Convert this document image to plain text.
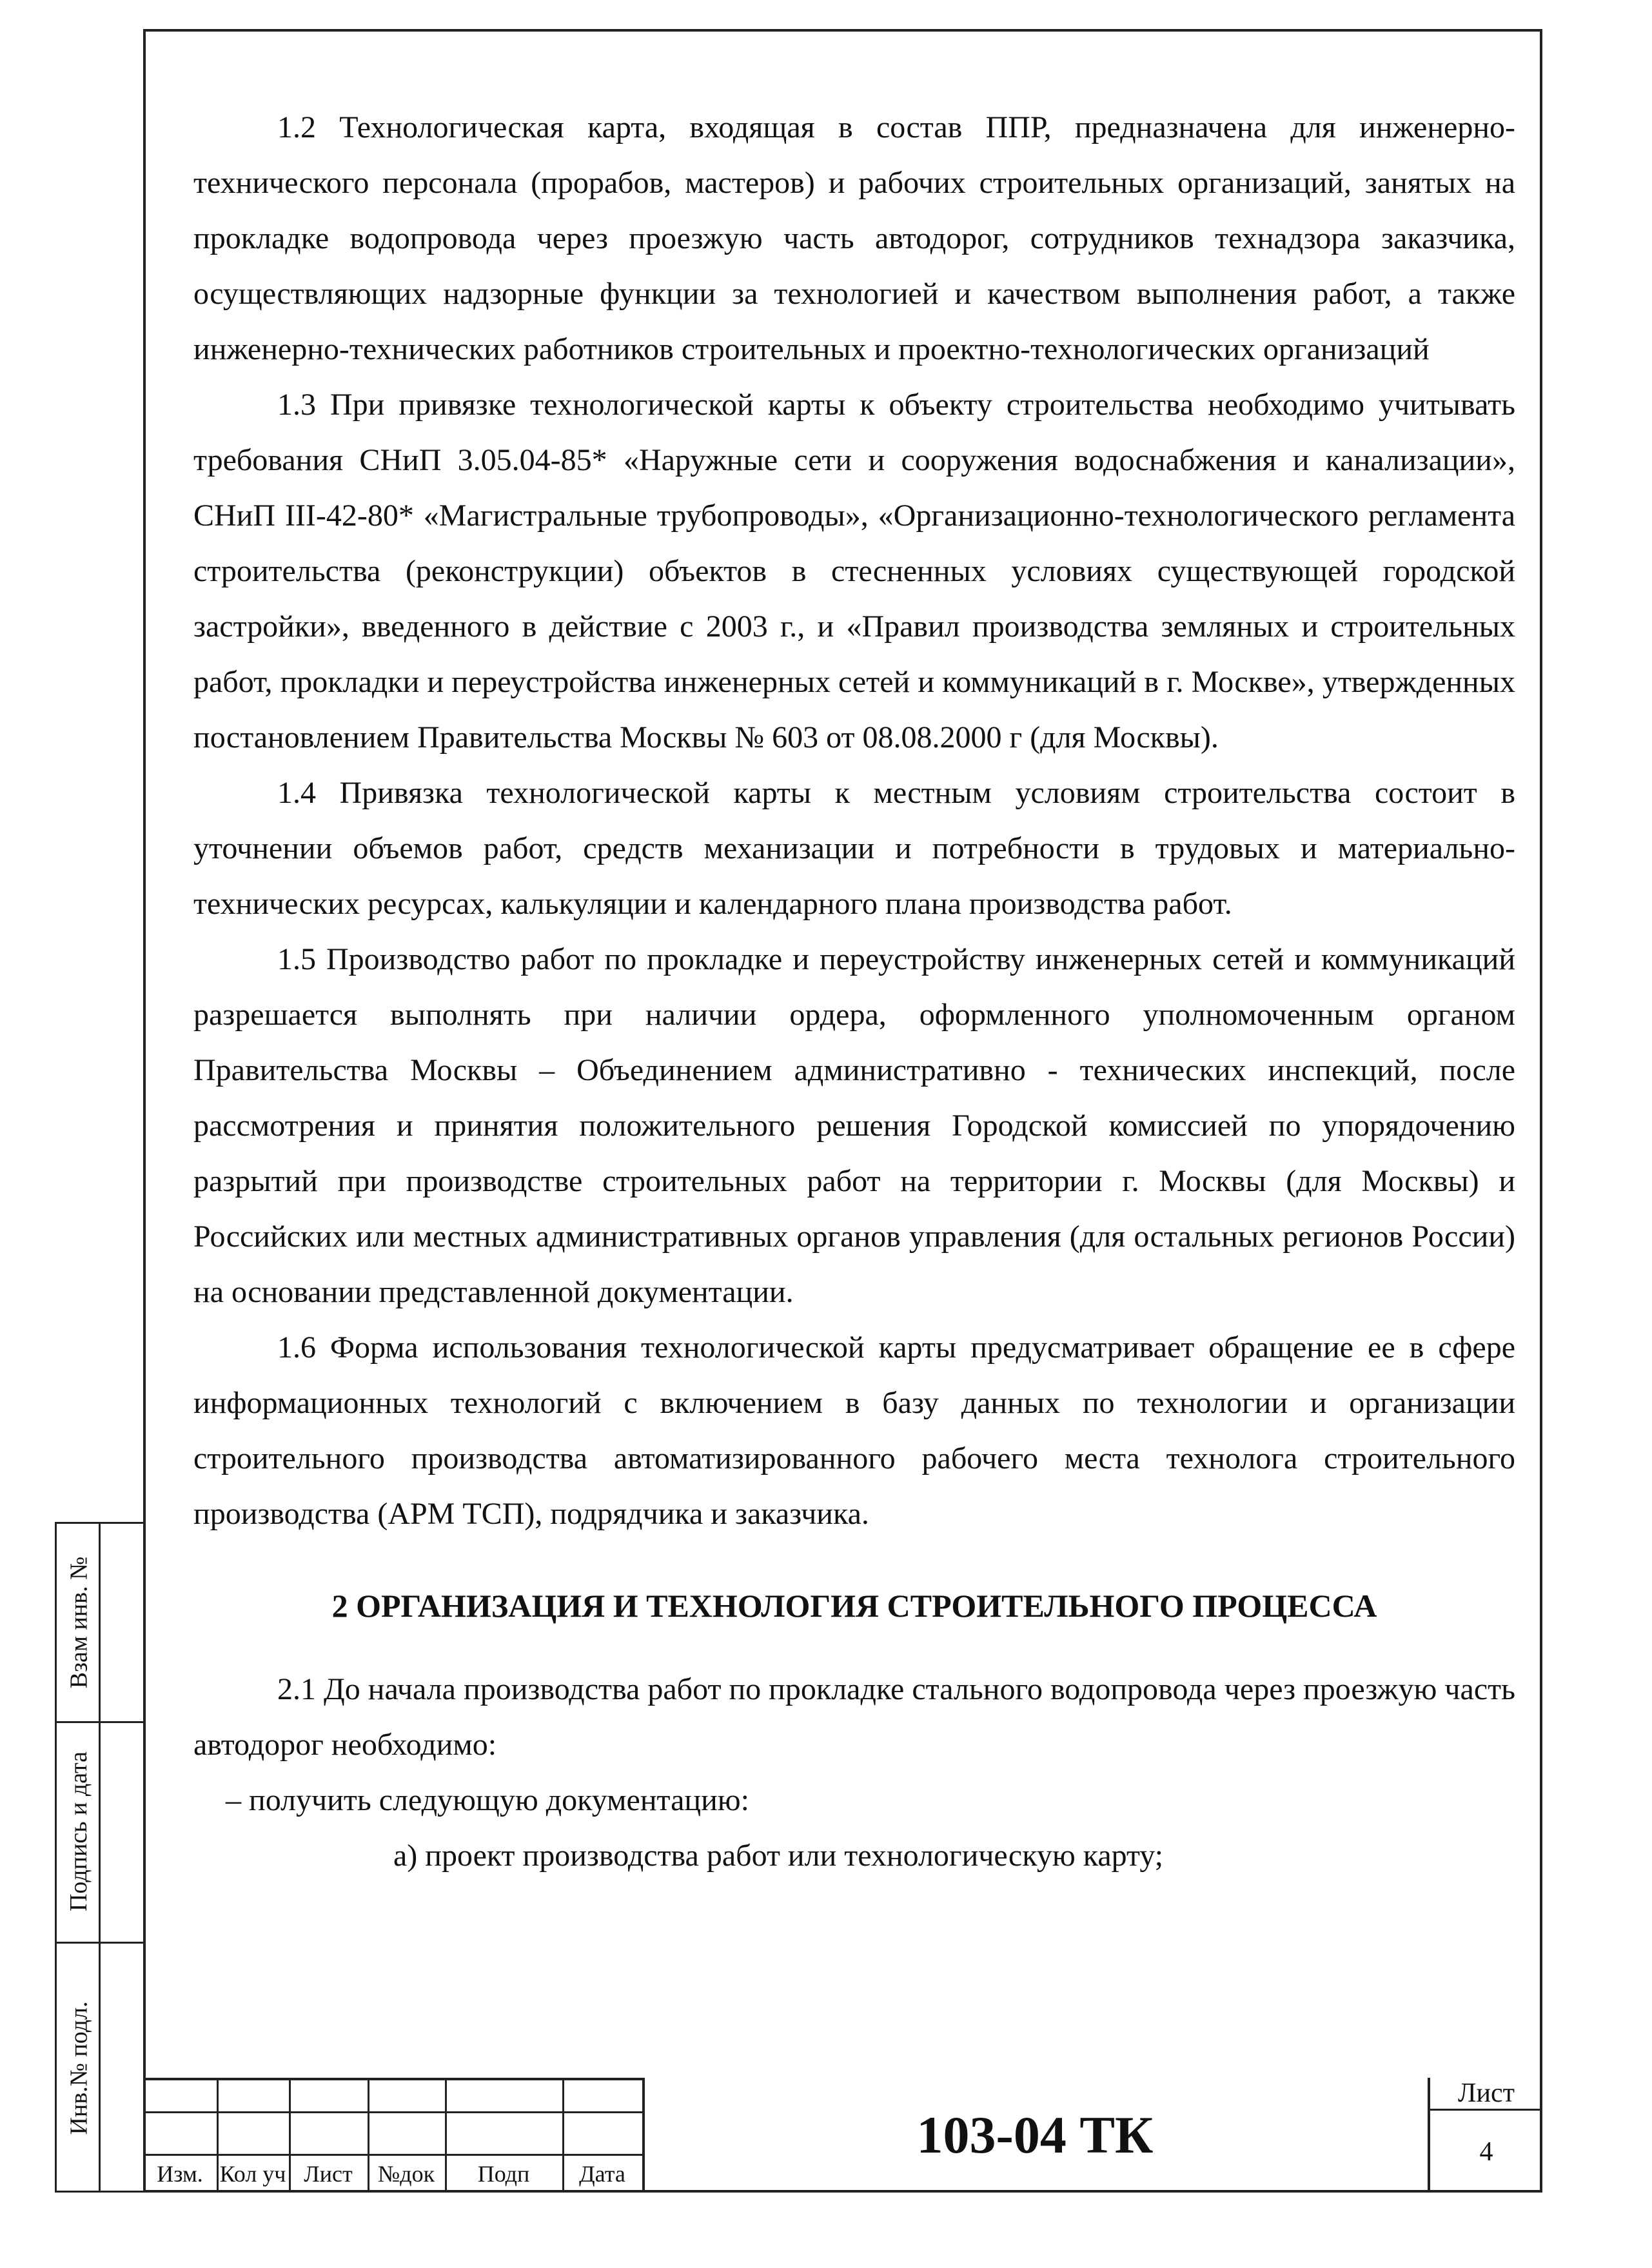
Взам инв. №
Подпись и дата
Инв.№ подл.

1.2 Технологическая карта, входящая в состав ППР, предназначена для инженерно-технического персонала (прорабов, мастеров) и рабочих строительных организаций, занятых на прокладке водопровода через проезжую часть автодорог, сотрудников технадзора заказчика, осуществляющих надзорные функции за технологией и качеством выполнения работ, а также инженерно-технических работников строительных и проектно-технологических организаций

1.3 При привязке технологической карты к объекту строительства необходимо учитывать требования СНиП 3.05.04-85* «Наружные сети и сооружения водоснабжения и канализации», СНиП III-42-80* «Магистральные трубопроводы», «Организационно-технологического регламента строительства (реконструкции) объектов в стесненных условиях существующей городской застройки», введенного в действие с 2003 г., и «Правил производства земляных и строительных работ, прокладки и переустройства инженерных сетей и коммуникаций в г. Москве», утвержденных постановлением Правительства Москвы № 603 от 08.08.2000 г (для Москвы).

1.4 Привязка технологической карты к местным условиям строительства состоит в уточнении объемов работ, средств механизации и потребности в трудовых и материально-технических ресурсах, калькуляции и календарного плана производства работ.

1.5 Производство работ по прокладке и переустройству инженерных сетей и коммуникаций разрешается выполнять при наличии ордера, оформленного уполномоченным органом Правительства Москвы – Объединением административно - технических инспекций, после рассмотрения и принятия положительного решения Городской комиссией по упорядочению разрытий при производстве строительных работ на территории г. Москвы (для Москвы) и Российских или местных административных органов управления (для остальных регионов России) на основании представленной документации.

1.6 Форма использования технологической карты предусматривает обращение ее в сфере информационных технологий с включением в базу данных по технологии и организации строительного производства автоматизированного рабочего места технолога строительного производства (АРМ ТСП), подрядчика и заказчика.

2 ОРГАНИЗАЦИЯ И ТЕХНОЛОГИЯ СТРОИТЕЛЬНОГО ПРОЦЕССА

2.1 До начала производства работ по прокладке стального водопровода через проезжую часть автодорог необходимо:

– получить следующую документацию:

а) проект производства работ или технологическую карту;

Изм. Кол уч Лист	№док	Подп	Дата
103-04 ТК
Лист
4
